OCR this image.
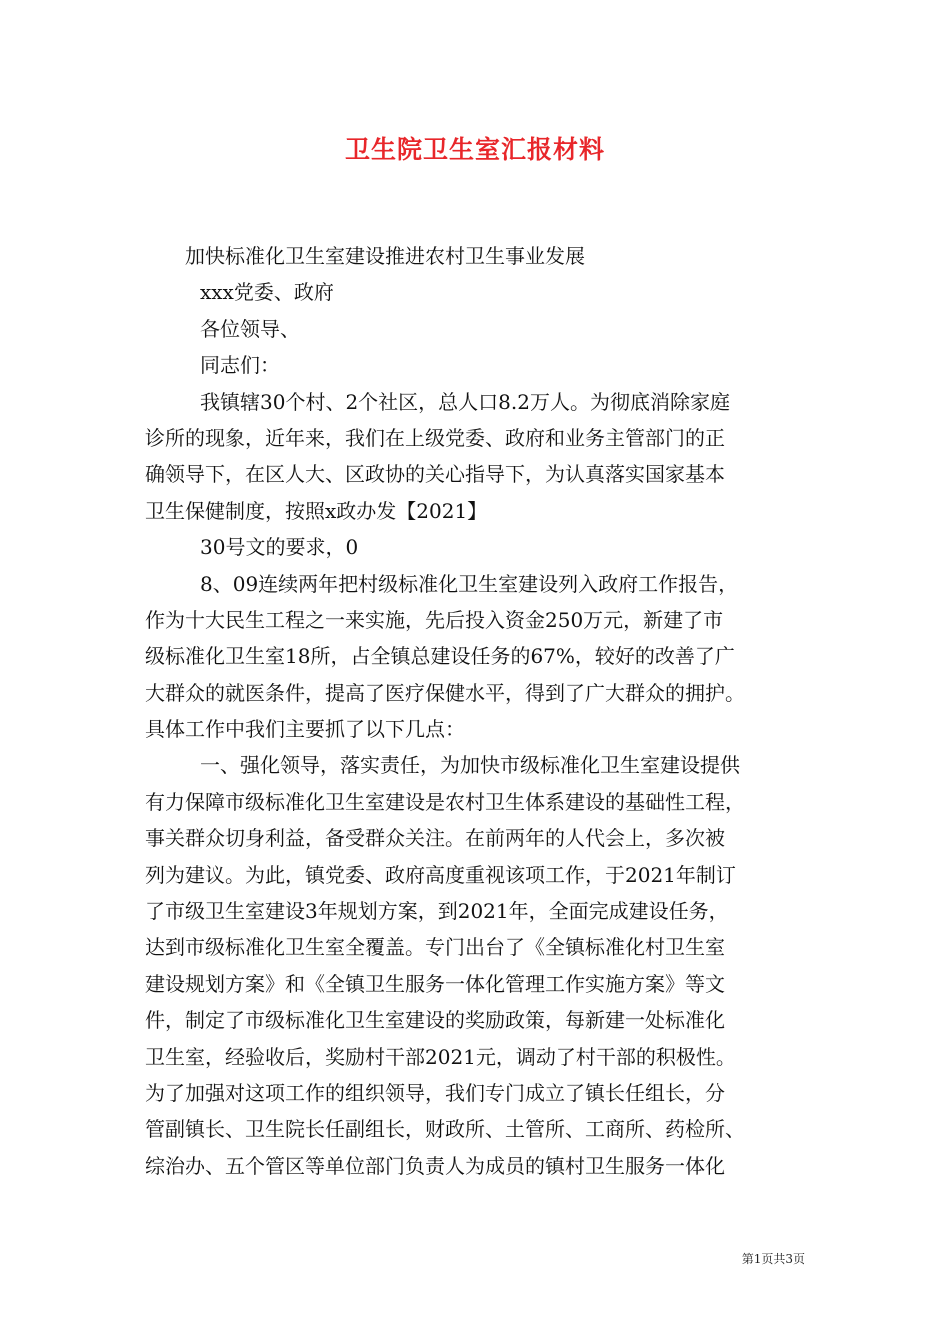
卫生院卫生室汇报材料
加快标准化卫生室建设推进农村卫生事业发展
xxx党委、政府
各位领导、
同志们：
我镇辖30个村、2个社区，总人口8.2万人。为彻底消除家庭
诊所的现象，近年来，我们在上级党委、政府和业务主管部门的正
确领导下，在区人大、区政协的关心指导下，为认真落实国家基本
卫生保健制度，按照x政办发【2021】
30号文的要求，0
8、09连续两年把村级标准化卫生室建设列入政府工作报告，
作为十大民生工程之一来实施，先后投入资金250万元，新建了市
级标准化卫生室18所，占全镇总建设任务的67%，较好的改善了广
大群众的就医条件，提高了医疗保健水平，得到了广大群众的拥护。
具体工作中我们主要抓了以下几点：
一、强化领导，落实责任，为加快市级标准化卫生室建设提供
有力保障市级标准化卫生室建设是农村卫生体系建设的基础性工程，
事关群众切身利益，备受群众关注。在前两年的人代会上，多次被
列为建议。为此，镇党委、政府高度重视该项工作，于2021年制订
了市级卫生室建设3年规划方案，到2021年，全面完成建设任务，
达到市级标准化卫生室全覆盖。专门出台了《全镇标准化村卫生室
建设规划方案》和《全镇卫生服务一体化管理工作实施方案》等文
件，制定了市级标准化卫生室建设的奖励政策，每新建一处标准化
卫生室，经验收后，奖励村干部2021元，调动了村干部的积极性。
为了加强对这项工作的组织领导，我们专门成立了镇长任组长，分
管副镇长、卫生院长任副组长，财政所、土管所、工商所、药检所、
综治办、五个管区等单位部门负责人为成员的镇村卫生服务一体化
第1页共3页
